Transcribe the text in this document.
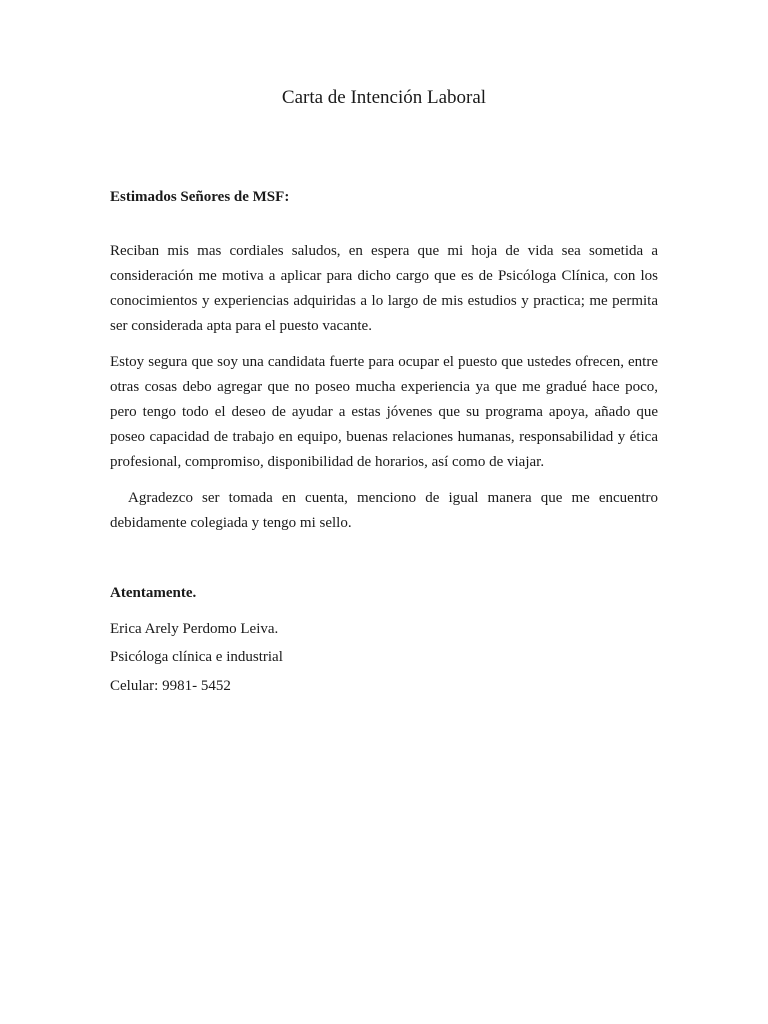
Carta de Intención Laboral
Estimados Señores de MSF:

Reciban mis mas cordiales saludos, en espera que mi hoja de vida sea sometida a consideración me motiva a aplicar para dicho cargo que es de Psicóloga Clínica, con los conocimientos y experiencias adquiridas a lo largo de mis estudios y practica; me permita ser considerada apta para el puesto vacante.

Estoy segura que soy una candidata fuerte para ocupar el puesto que ustedes ofrecen, entre otras cosas debo agregar que no poseo mucha experiencia ya que me gradué hace poco, pero tengo todo el deseo de ayudar a estas jóvenes que su programa apoya, añado que poseo capacidad de trabajo en equipo, buenas relaciones humanas, responsabilidad y ética profesional, compromiso, disponibilidad de horarios, así como de viajar.

Agradezco ser tomada en cuenta, menciono de igual manera que me encuentro debidamente colegiada y tengo mi sello.

Atentamente.
Erica Arely Perdomo Leiva.
Psicóloga clínica e industrial
Celular: 9981- 5452
